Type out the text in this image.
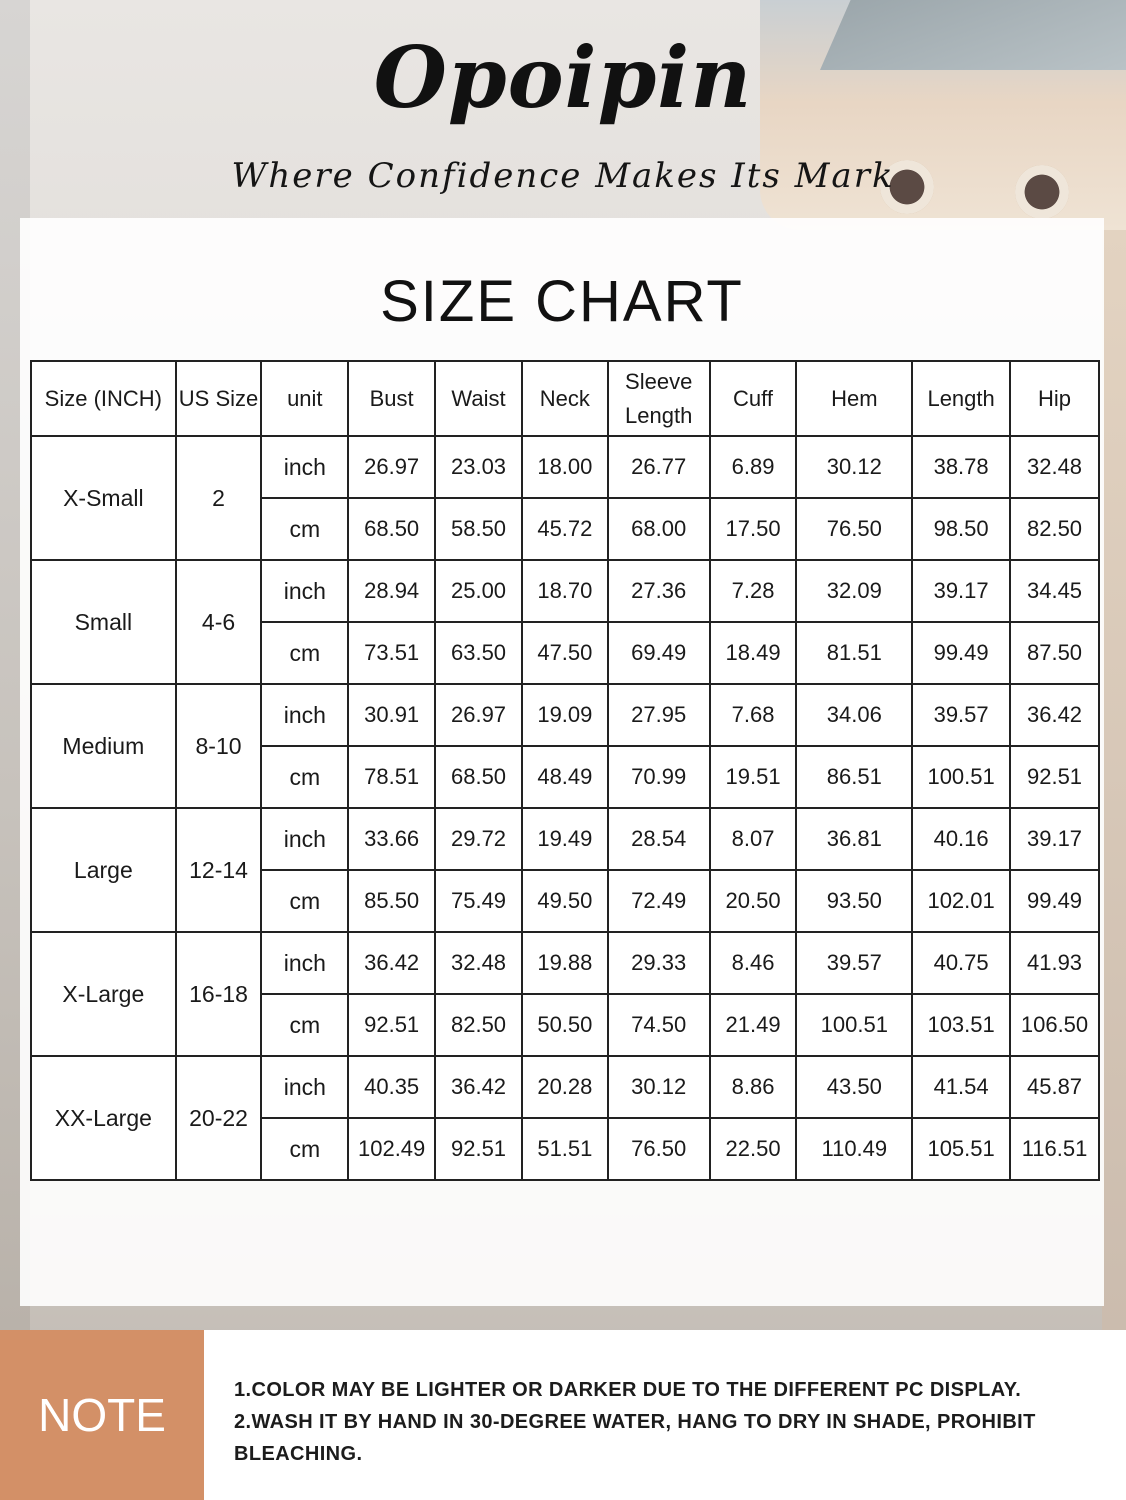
Opoipin
Where Confidence Makes Its Mark
SIZE CHART
Size (INCH)	US Size	unit	Bust	Waist	Neck	Sleeve Length	Cuff	Hem	Length	Hip
X-Small	2	inch	26.97	23.03	18.00	26.77	6.89	30.12	38.78	32.48
		cm	68.50	58.50	45.72	68.00	17.50	76.50	98.50	82.50
Small	4-6	inch	28.94	25.00	18.70	27.36	7.28	32.09	39.17	34.45
		cm	73.51	63.50	47.50	69.49	18.49	81.51	99.49	87.50
Medium	8-10	inch	30.91	26.97	19.09	27.95	7.68	34.06	39.57	36.42
		cm	78.51	68.50	48.49	70.99	19.51	86.51	100.51	92.51
Large	12-14	inch	33.66	29.72	19.49	28.54	8.07	36.81	40.16	39.17
		cm	85.50	75.49	49.50	72.49	20.50	93.50	102.01	99.49
X-Large	16-18	inch	36.42	32.48	19.88	29.33	8.46	39.57	40.75	41.93
		cm	92.51	82.50	50.50	74.50	21.49	100.51	103.51	106.50
XX-Large	20-22	inch	40.35	36.42	20.28	30.12	8.86	43.50	41.54	45.87
		cm	102.49	92.51	51.51	76.50	22.50	110.49	105.51	116.51
NOTE	1.COLOR MAY BE LIGHTER OR DARKER DUE TO THE DIFFERENT PC DISPLAY.
2.WASH IT BY HAND IN 30-DEGREE WATER, HANG TO DRY IN SHADE, PROHIBIT BLEACHING.
